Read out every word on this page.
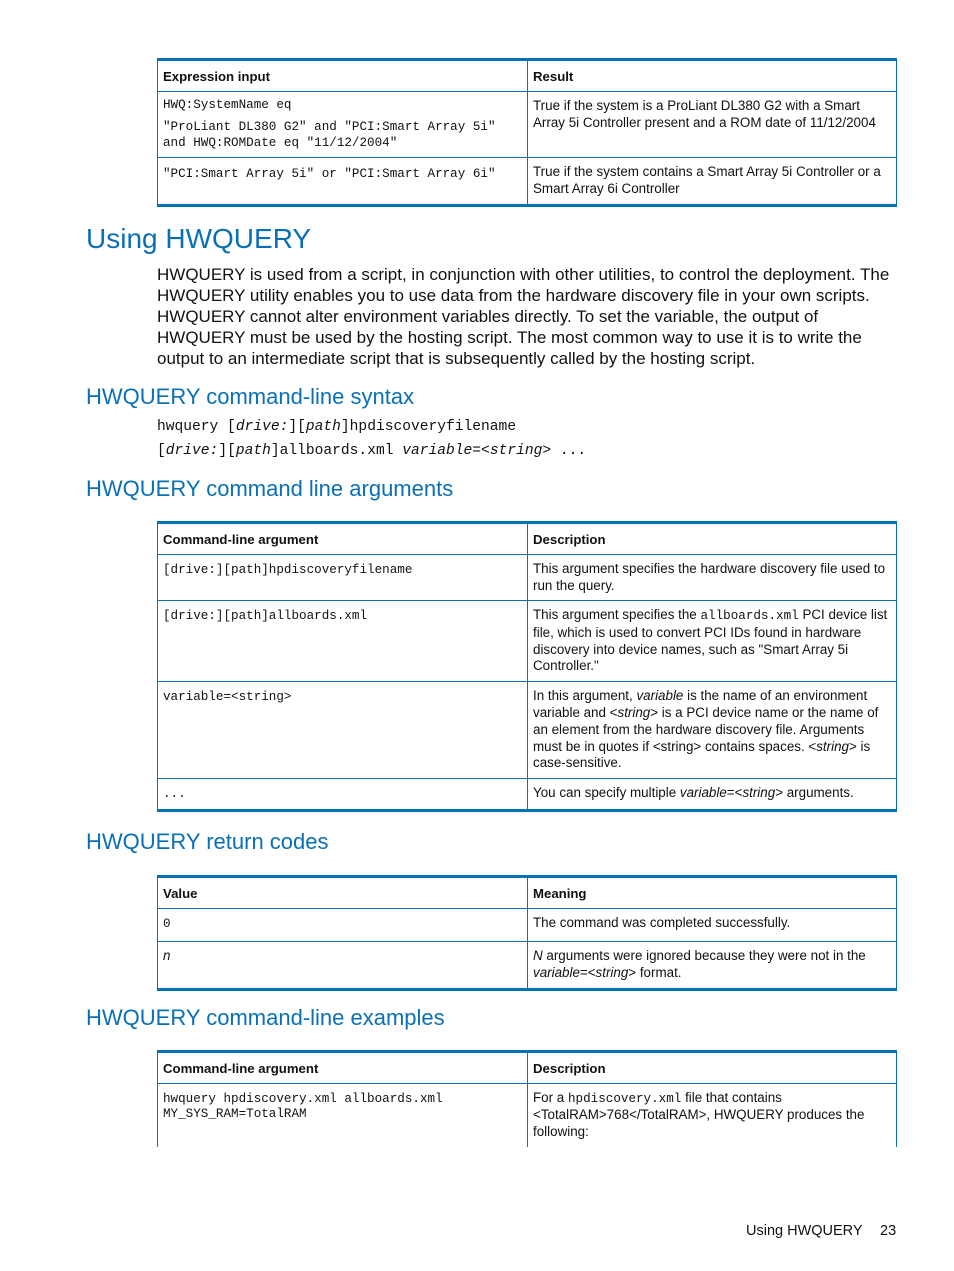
Expression input	Result

HWQ:SystemName eq
"ProLiant DL380 G2" and "PCI:Smart Array 5i" and HWQ:ROMDate eq "11/12/2004"	True if the system is a ProLiant DL380 G2 with a Smart Array 5i Controller present and a ROM date of 11/12/2004

"PCI:Smart Array 5i" or "PCI:Smart Array 6i"	True if the system contains a Smart Array 5i Controller or a Smart Array 6i Controller
Using HWQUERY

HWQUERY is used from a script, in conjunction with other utilities, to control the deployment. The HWQUERY utility enables you to use data from the hardware discovery file in your own scripts. HWQUERY cannot alter environment variables directly. To set the variable, the output of HWQUERY must be used by the hosting script. The most common way to use it is to write the output to an intermediate script that is subsequently called by the hosting script.

HWQUERY command-line syntax
hwquery [drive:][path]hpdiscoveryfilename
[drive:][path]allboards.xml variable=<string> ...
HWQUERY command line arguments
Command-line argument	Description
[drive:][path]hpdiscoveryfilename	This argument specifies the hardware discovery file used to run the query.
[drive:][path]allboards.xml	This argument specifies the allboards.xml PCI device list file, which is used to convert PCI IDs found in hardware discovery into device names, such as "Smart Array 5i Controller."
variable=<string>	In this argument, variable is the name of an environment variable and <string> is a PCI device name or the name of an element from the hardware discovery file. Arguments must be in quotes if <string> contains spaces. <string> is case-sensitive.
...	You can specify multiple variable=<string> arguments.
HWQUERY return codes
Value	Meaning
0	The command was completed successfully.
n	N arguments were ignored because they were not in the variable=<string> format.
HWQUERY command-line examples
Command-line argument	Description
hwquery hpdiscovery.xml allboards.xml MY_SYS_RAM=TotalRAM	For a hpdiscovery.xml file that contains <TotalRAM>768</TotalRAM>, HWQUERY produces the following:
Using HWQUERY 23
